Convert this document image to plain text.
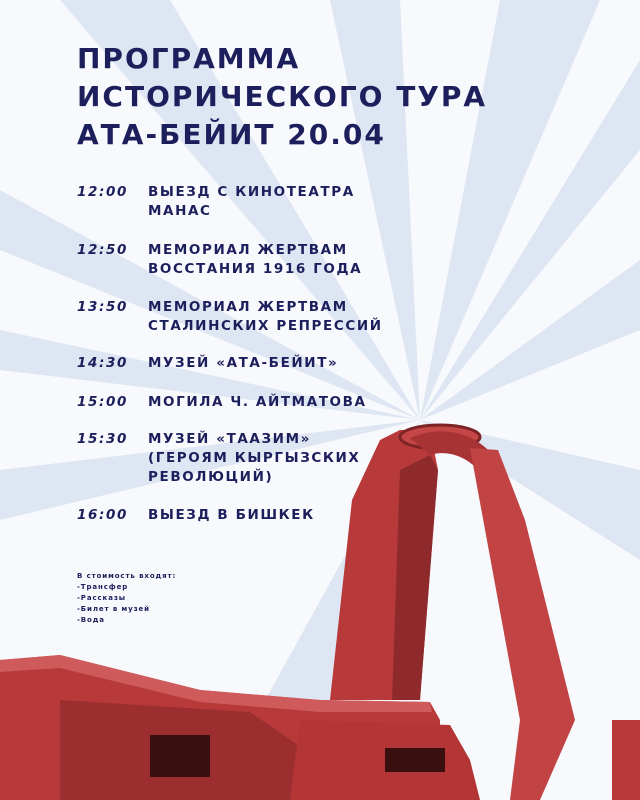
ПРОГРАММА
ИСТОРИЧЕСКОГО ТУРА
АТА-БЕЙИТ 20.04
12:00 ВЫЕЗД С КИНОТЕАТРА
МАНАС
12:50 МЕМОРИАЛ ЖЕРТВАМ
ВОССТАНИЯ 1916 ГОДА
13:50 МЕМОРИАЛ ЖЕРТВАМ
СТАЛИНСКИХ РЕПРЕССИЙ
14:30 МУЗЕЙ «АТА-БЕЙИТ»
15:00 МОГИЛА Ч. АЙТМАТОВА
15:30 МУЗЕЙ «ТААЗИМ»
(ГЕРОЯМ КЫРГЫЗСКИХ
РЕВОЛЮЦИЙ)
16:00 ВЫЕЗД В БИШКЕК
В стоимость входят:
-Трансфер
-Рассказы
-Билет в музей
-Вода
